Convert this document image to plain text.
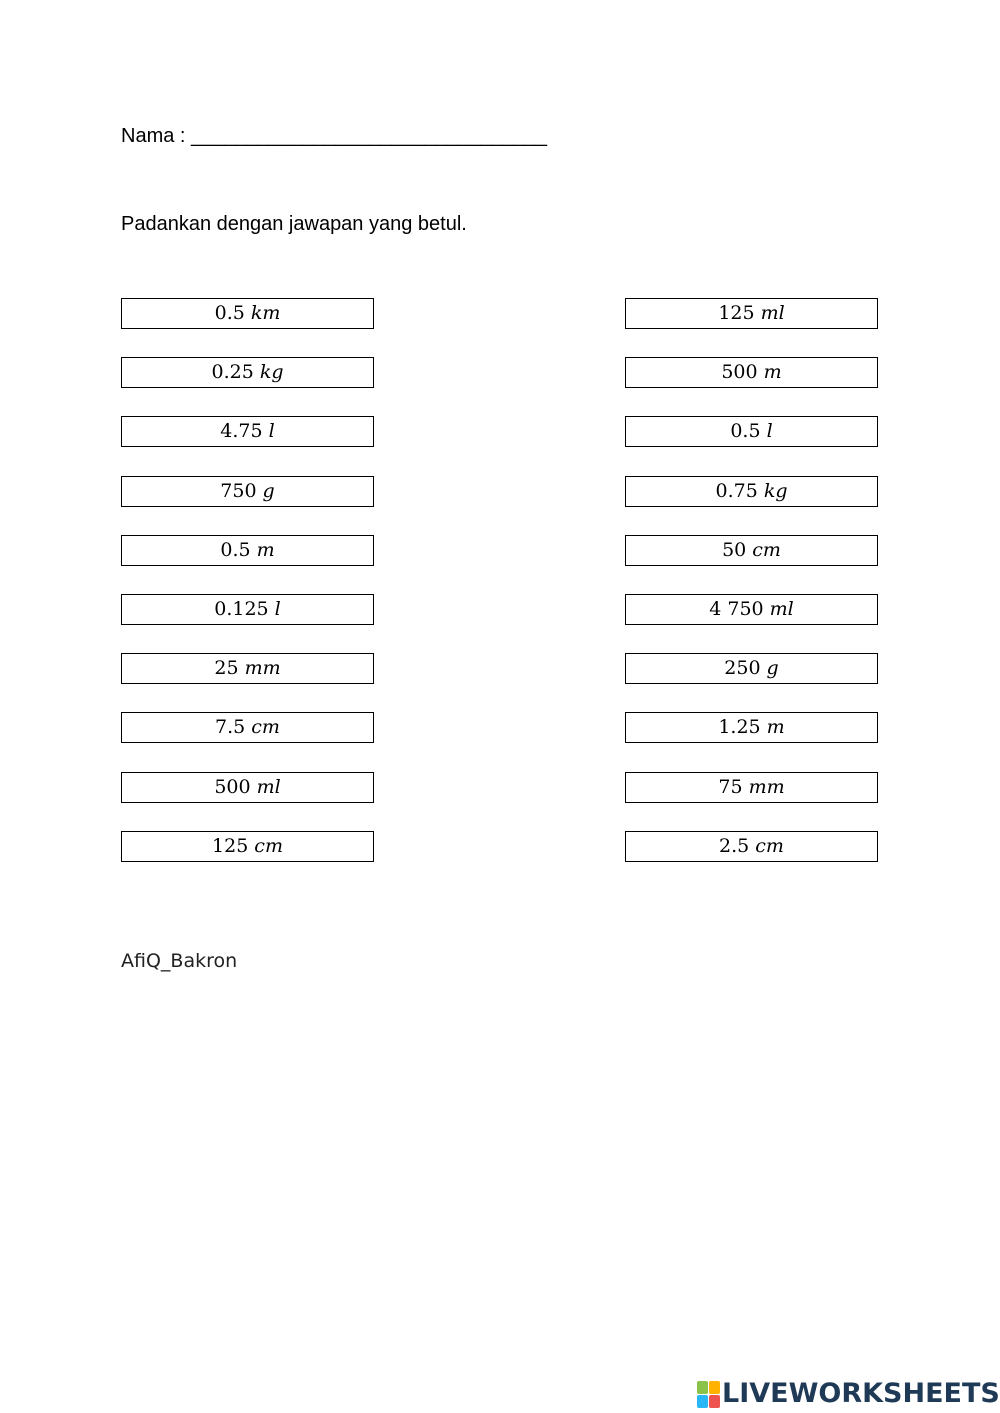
Nama : ________________________________
Padankan dengan jawapan yang betul.
0.5 km
0.25 kg
4.75 l
750 g
0.5 m
0.125 l
25 mm
7.5 cm
500 ml
125 cm
125 ml
500 m
0.5 l
0.75 kg
50 cm
4 750 ml
250 g
1.25 m
75 mm
2.5 cm
AfiQ_Bakron
LIVEWORKSHEETS
